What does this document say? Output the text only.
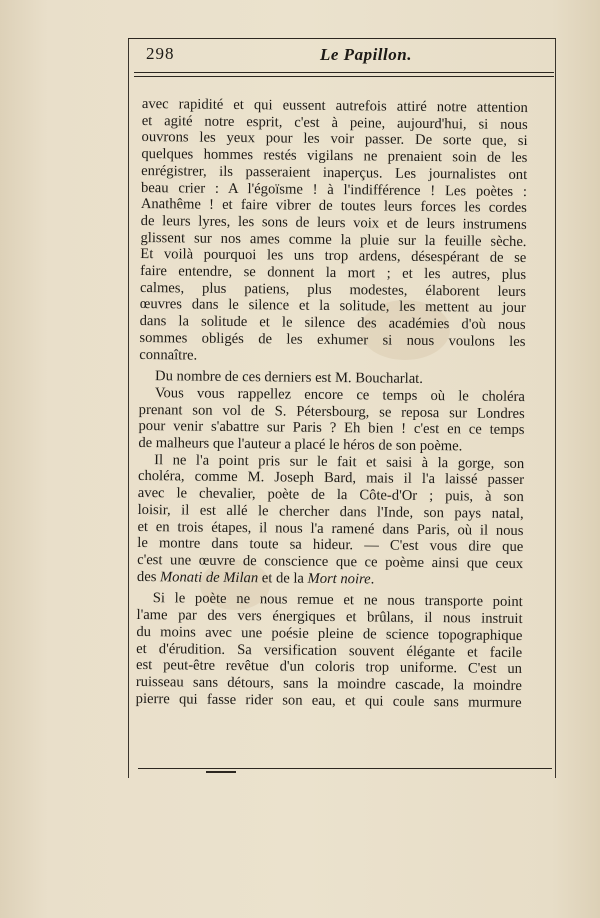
298	Le Papillon.
avec rapidité et qui eussent autrefois attiré notre attention
et agité notre esprit, c'est à peine, aujourd'hui, si nous
ouvrons les yeux pour les voir passer. De sorte que, si
quelques hommes restés vigilans ne prenaient soin de les
enrégistrer, ils passeraient inaperçus. Les journalistes ont
beau crier : A l'égoïsme ! à l'indifférence ! Les poètes :
Anathême ! et faire vibrer de toutes leurs forces les cordes
de leurs lyres, les sons de leurs voix et de leurs instrumens
glissent sur nos ames comme la pluie sur la feuille sèche.
Et voilà pourquoi les uns trop ardens, désespérant de se
faire entendre, se donnent la mort ; et les autres, plus
calmes, plus patiens, plus modestes, élaborent leurs
œuvres dans le silence et la solitude, les mettent au jour
dans la solitude et le silence des académies d'où nous
sommes obligés de les exhumer si nous voulons les
connaître.
Du nombre de ces derniers est M. Boucharlat.
Vous vous rappellez encore ce temps où le choléra
prenant son vol de S. Pétersbourg, se reposa sur Londres
pour venir s'abattre sur Paris ? Eh bien ! c'est en ce temps
de malheurs que l'auteur a placé le héros de son poème.
Il ne l'a point pris sur le fait et saisi à la gorge, son
choléra, comme M. Joseph Bard, mais il l'a laissé passer
avec le chevalier, poète de la Côte-d'Or ; puis, à son
loisir, il est allé le chercher dans l'Inde, son pays natal,
et en trois étapes, il nous l'a ramené dans Paris, où il nous
le montre dans toute sa hideur. — C'est vous dire que
c'est une œuvre de conscience que ce poème ainsi que ceux
des Monati de Milan et de la Mort noire.
Si le poète ne nous remue et ne nous transporte point
l'ame par des vers énergiques et brûlans, il nous instruit
du moins avec une poésie pleine de science topographique
et d'érudition. Sa versification souvent élégante et facile
est peut-être revêtue d'un coloris trop uniforme. C'est un
ruisseau sans détours, sans la moindre cascade, la moindre
pierre qui fasse rider son eau, et qui coule sans murmure
